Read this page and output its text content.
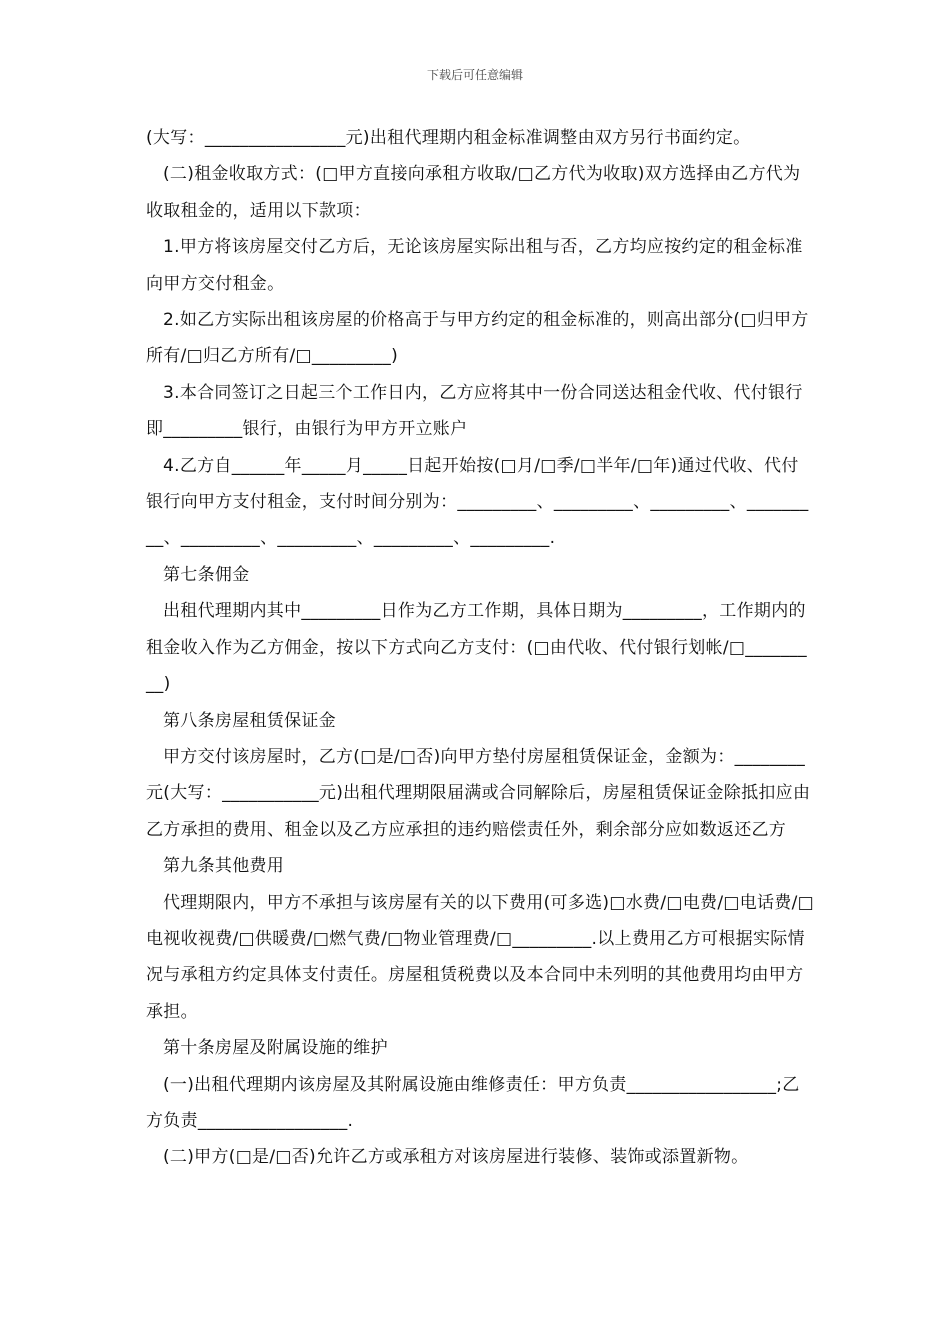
下载后可任意编辑

(大写：________________元)出租代理期内租金标准调整由双方另行书面约定。

(二)租金收取方式：(□甲方直接向承租方收取/□乙方代为收取)双方选择由乙方代为收取租金的，适用以下款项：

1.甲方将该房屋交付乙方后，无论该房屋实际出租与否，乙方均应按约定的租金标准向甲方交付租金。

2.如乙方实际出租该房屋的价格高于与甲方约定的租金标准的，则高出部分(□归甲方所有/□归乙方所有/□_________)

3.本合同签订之日起三个工作日内，乙方应将其中一份合同送达租金代收、代付银行即_________银行，由银行为甲方开立账户

4.乙方自______年_____月_____日起开始按(□月/□季/□半年/□年)通过代收、代付银行向甲方支付租金，支付时间分别为：_________、_________、_________、_________、_________、_________、_________、_________.

第七条佣金

出租代理期内其中_________日作为乙方工作期，具体日期为_________，工作期内的租金收入作为乙方佣金，按以下方式向乙方支付：(□由代收、代付银行划帐/□_________)

第八条房屋租赁保证金

甲方交付该房屋时，乙方(□是/□否)向甲方垫付房屋租赁保证金，金额为：________元(大写：___________元)出租代理期限届满或合同解除后，房屋租赁保证金除抵扣应由乙方承担的费用、租金以及乙方应承担的违约赔偿责任外，剩余部分应如数返还乙方

第九条其他费用

代理期限内，甲方不承担与该房屋有关的以下费用(可多选)□水费/□电费/□电话费/□电视收视费/□供暖费/□燃气费/□物业管理费/□_________.以上费用乙方可根据实际情况与承租方约定具体支付责任。房屋租赁税费以及本合同中未列明的其他费用均由甲方承担。

第十条房屋及附属设施的维护

(一)出租代理期内该房屋及其附属设施由维修责任：甲方负责_________________;乙方负责_________________.

(二)甲方(□是/□否)允许乙方或承租方对该房屋进行装修、装饰或添置新物。
